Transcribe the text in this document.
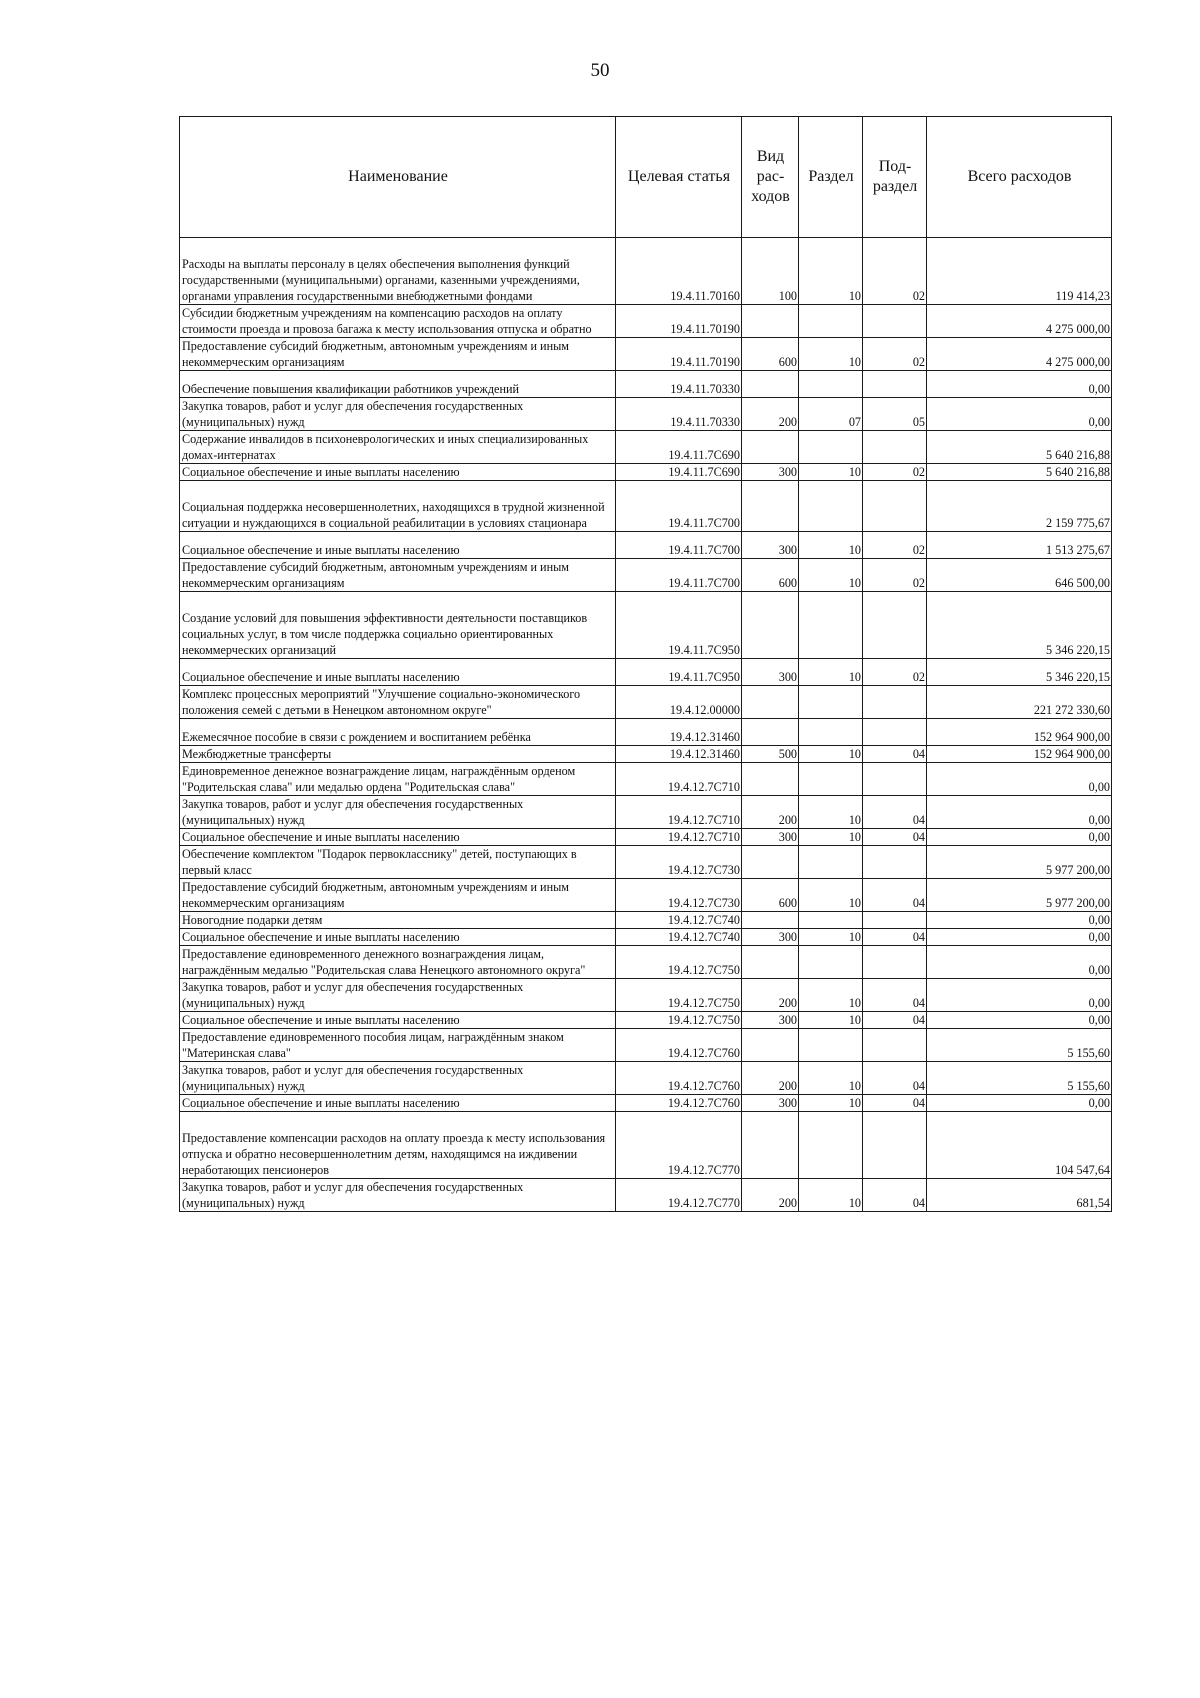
50
Наименование	Целевая статья	Вид рас-ходов	Раздел	Под-раздел	Всего расходов
Расходы на выплаты персоналу в целях обеспечения выполнения функций государственными (муниципальными) органами, казенными учреждениями, органами управления государственными внебюджетными фондами	19.4.11.70160	100	10	02	119 414,23
Субсидии бюджетным учреждениям на компенсацию расходов на оплату стоимости проезда и провоза багажа к месту использования отпуска и обратно	19.4.11.70190				4 275 000,00
Предоставление субсидий бюджетным, автономным учреждениям и иным некоммерческим организациям	19.4.11.70190	600	10	02	4 275 000,00
Обеспечение повышения квалификации работников учреждений	19.4.11.70330				0,00
Закупка товаров, работ и услуг для обеспечения государственных (муниципальных) нужд	19.4.11.70330	200	07	05	0,00
Содержание инвалидов в психоневрологических и иных специализированных домах-интернатах	19.4.11.7С690				5 640 216,88
Социальное обеспечение и иные выплаты населению	19.4.11.7С690	300	10	02	5 640 216,88
Социальная поддержка несовершеннолетних, находящихся в трудной жизненной ситуации и нуждающихся в социальной реабилитации в условиях стационара	19.4.11.7С700				2 159 775,67
Социальное обеспечение и иные выплаты населению	19.4.11.7С700	300	10	02	1 513 275,67
Предоставление субсидий бюджетным, автономным учреждениям и иным некоммерческим организациям	19.4.11.7С700	600	10	02	646 500,00
Создание условий для повышения эффективности деятельности поставщиков социальных услуг, в том числе поддержка социально ориентированных некоммерческих организаций	19.4.11.7С950				5 346 220,15
Социальное обеспечение и иные выплаты населению	19.4.11.7С950	300	10	02	5 346 220,15
Комплекс процессных мероприятий "Улучшение социально-экономического положения семей с детьми в Ненецком автономном округе"	19.4.12.00000				221 272 330,60
Ежемесячное пособие в связи с рождением и воспитанием ребёнка	19.4.12.31460				152 964 900,00
Межбюджетные трансферты	19.4.12.31460	500	10	04	152 964 900,00
Единовременное денежное вознаграждение лицам, награждённым орденом "Родительская слава" или медалью ордена "Родительская слава"	19.4.12.7С710				0,00
Закупка товаров, работ и услуг для обеспечения государственных (муниципальных) нужд	19.4.12.7С710	200	10	04	0,00
Социальное обеспечение и иные выплаты населению	19.4.12.7С710	300	10	04	0,00
Обеспечение комплектом "Подарок первокласснику" детей, поступающих в первый класс	19.4.12.7С730				5 977 200,00
Предоставление субсидий бюджетным, автономным учреждениям и иным некоммерческим организациям	19.4.12.7С730	600	10	04	5 977 200,00
Новогодние подарки детям	19.4.12.7С740				0,00
Социальное обеспечение и иные выплаты населению	19.4.12.7С740	300	10	04	0,00
Предоставление единовременного денежного вознаграждения лицам, награждённым медалью "Родительская слава Ненецкого автономного округа"	19.4.12.7С750				0,00
Закупка товаров, работ и услуг для обеспечения государственных (муниципальных) нужд	19.4.12.7С750	200	10	04	0,00
Социальное обеспечение и иные выплаты населению	19.4.12.7С750	300	10	04	0,00
Предоставление единовременного пособия лицам, награждённым знаком "Материнская слава"	19.4.12.7С760				5 155,60
Закупка товаров, работ и услуг для обеспечения государственных (муниципальных) нужд	19.4.12.7С760	200	10	04	5 155,60
Социальное обеспечение и иные выплаты населению	19.4.12.7С760	300	10	04	0,00
Предоставление компенсации расходов на оплату проезда к месту использования отпуска и обратно несовершеннолетним детям, находящимся на иждивении неработающих пенсионеров	19.4.12.7С770				104 547,64
Закупка товаров, работ и услуг для обеспечения государственных (муниципальных) нужд	19.4.12.7С770	200	10	04	681,54
